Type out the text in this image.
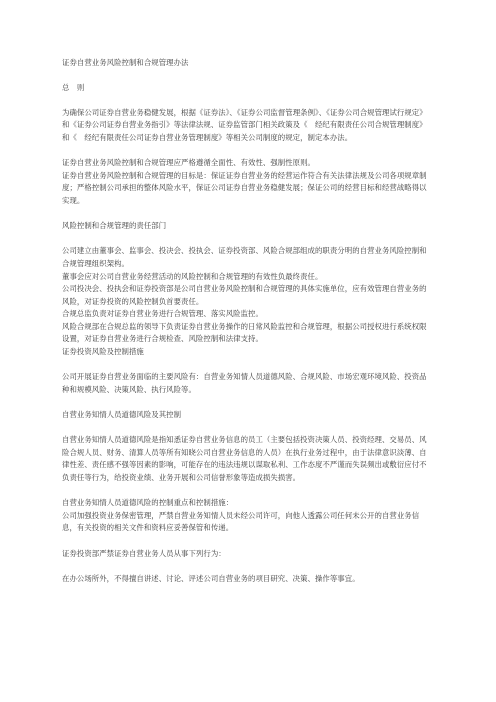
证券自营业务风险控制和合规管理办法

总　则

为确保公司证券自营业务稳健发展，根据《证券法》、《证券公司监督管理条例》、《证券公司合规管理试行规定》和《证券公司证券自营业务指引》等法律法规、证券监管部门相关政策及《　经纪有限责任公司合规管理制度》和《　经纪有限责任公司证券自营业务管理制度》等相关公司制度的规定，制定本办法。

证券自营业务风险控制和合规管理应严格遵循全面性、有效性、强制性原则。

证券自营业务风险控制和合规管理的目标是：保证证券自营业务的经营运作符合有关法律法规及公司各项规章制度；严格控制公司承担的整体风险水平，保证公司证券自营业务稳健发展；保证公司的经营目标和经营战略得以实现。

风险控制和合规管理的责任部门

公司建立由董事会、监事会、投决会、投执会、证券投资部、风险合规部组成的职责分明的自营业务风险控制和合规管理组织架构。

董事会应对公司自营业务经营活动的风险控制和合规管理的有效性负最终责任。

公司投决会、投执会和证券投资部是公司自营业务风险控制和合规管理的具体实施单位，应有效管理自营业务的风险，对证券投资的风险控制负首要责任。

合规总监负责对证券自营业务进行合规管理、落实风险监控。

风险合规部在合规总监的领导下负责证券自营业务操作的日常风险监控和合规管理，根据公司授权进行系统权限设置，对证券自营业务进行合规检查、风险控制和法律支持。

证券投资风险及控制措施

公司开展证券自营业务面临的主要风险有：自营业务知情人员道德风险、合规风险、市场宏观环境风险、投资品种和规模风险、决策风险、执行风险等。

自营业务知情人员道德风险及其控制

自营业务知情人员道德风险是指知悉证券自营业务信息的员工（主要包括投资决策人员、投资经理、交易员、风险合规人员、财务、清算人员等所有知晓公司自营业务信息的人员）在执行业务过程中，由于法律意识淡薄、自律性差、责任感不强等因素的影响，可能存在的违法违规以谋取私利、工作态度不严谨而失误频出或敷衍应付不负责任等行为，给投资业绩、业务开展和公司信誉形象等造成损失损害。

自营业务知情人员道德风险的控制重点和控制措施：

公司加强投资业务保密管理，严禁自营业务知情人员未经公司许可，向他人透露公司任何未公开的自营业务信息，有关投资的相关文件和资料应妥善保管和传递。

证券投资部严禁证券自营业务人员从事下列行为：

在办公场所外，不得擅自讲述、讨论、评述公司自营业务的项目研究、决策、操作等事宜。
